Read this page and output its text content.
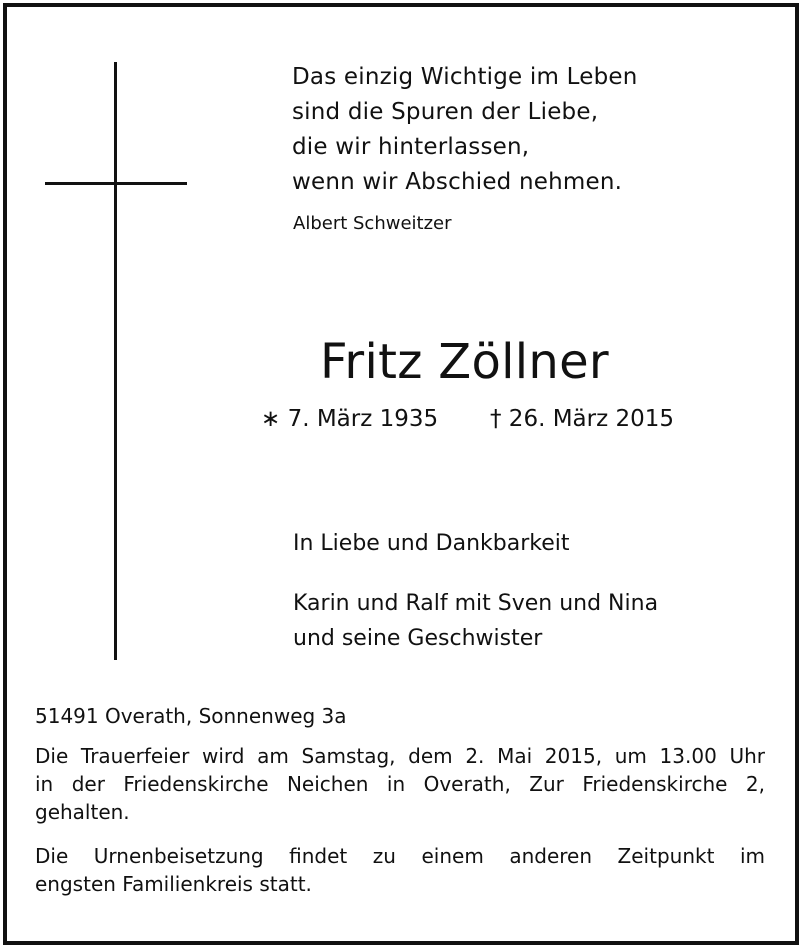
Das einzig Wichtige im Leben
sind die Spuren der Liebe,
die wir hinterlassen,
wenn wir Abschied nehmen.

Albert Schweitzer
Fritz Zöllner
∗ 7. März 1935 † 26. März 2015
In Liebe und Dankbarkeit
Karin und Ralf mit Sven und Nina
und seine Geschwister
51491 Overath, Sonnenweg 3a
Die Trauerfeier wird am Samstag, dem 2. Mai 2015, um 13.00 Uhr
in der Friedenskirche Neichen in Overath, Zur Friedenskirche 2,
gehalten.
Die Urnenbeisetzung findet zu einem anderen Zeitpunkt im
engsten Familienkreis statt.
